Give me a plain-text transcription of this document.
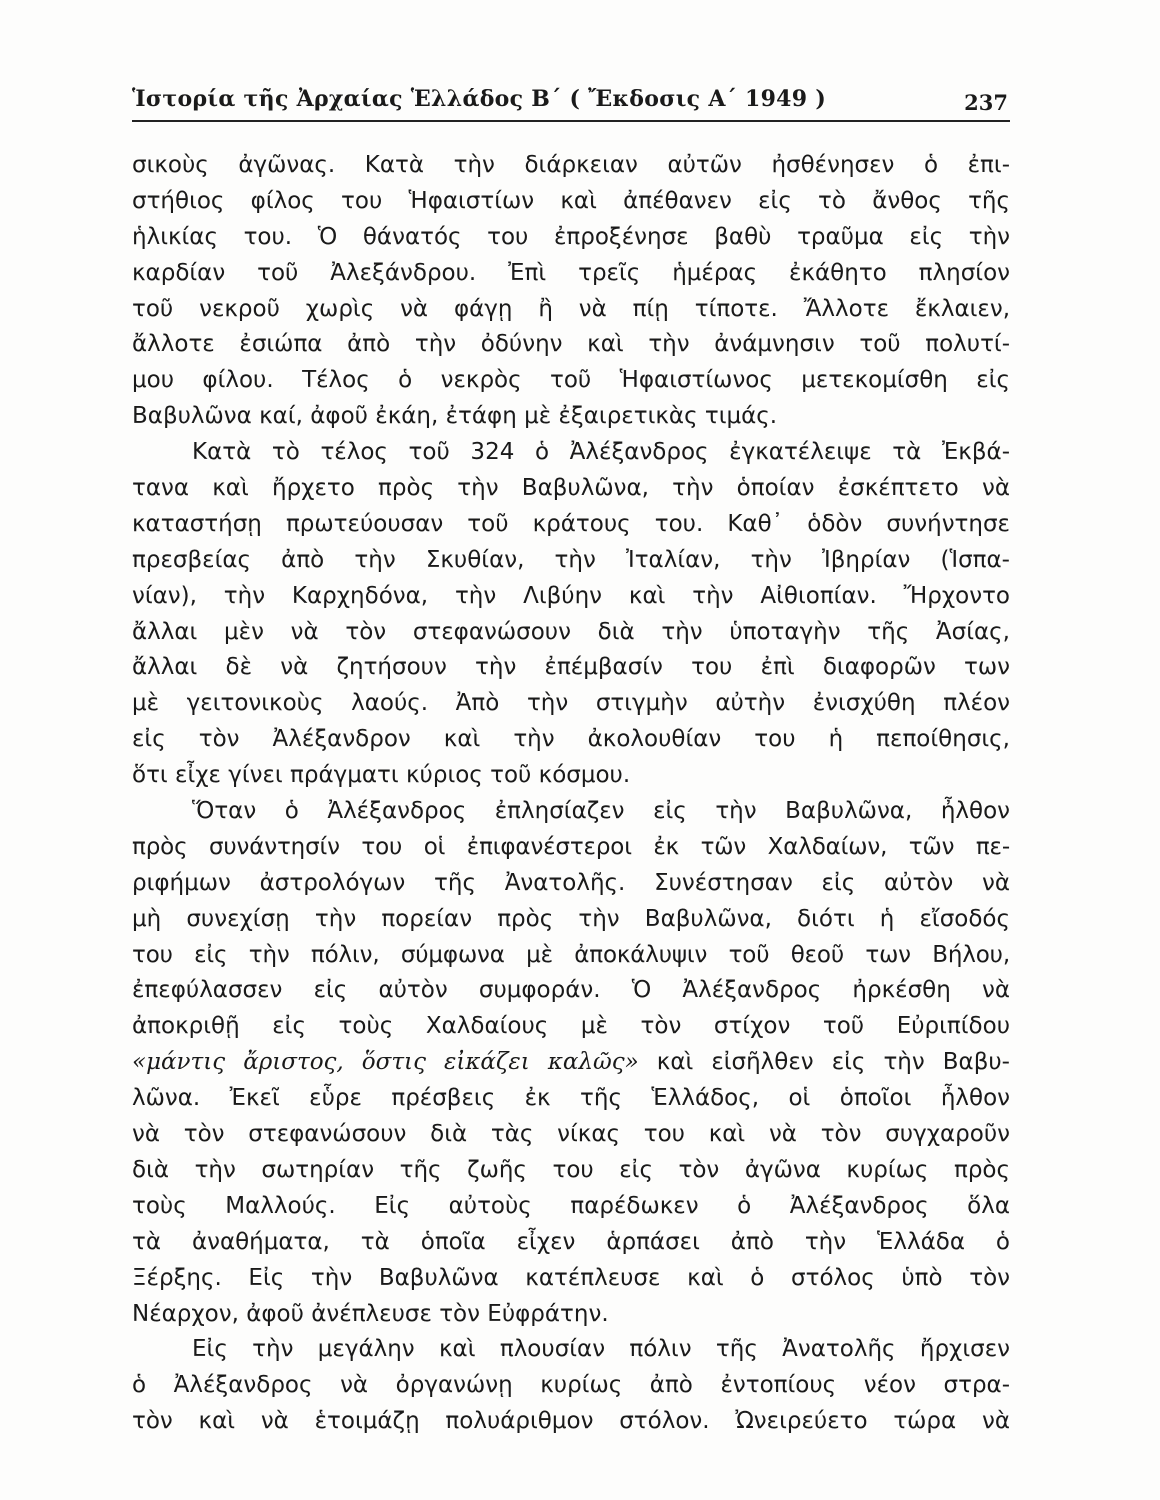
Ἱστορία τῆς Ἀρχαίας Ἑλλάδος Β΄ ( Ἔκδοσις Α΄ 1949 )	237
σικοὺς ἀγῶνας. Κατὰ τὴν διάρκειαν αὐτῶν ἠσθένησεν ὁ ἐπι-
στήθιος φίλος του Ἡφαιστίων καὶ ἀπέθανεν εἰς τὸ ἄνθος τῆς
ἡλικίας του. Ὁ θάνατός του ἐπροξένησε βαθὺ τραῦμα εἰς τὴν
καρδίαν τοῦ Ἀλεξάνδρου. Ἐπὶ τρεῖς ἡμέρας ἐκάθητο πλησίον
τοῦ νεκροῦ χωρὶς νὰ φάγῃ ἢ νὰ πίῃ τίποτε. Ἄλλοτε ἔκλαιεν,
ἄλλοτε ἐσιώπα ἀπὸ τὴν ὀδύνην καὶ τὴν ἀνάμνησιν τοῦ πολυτί-
μου φίλου. Τέλος ὁ νεκρὸς τοῦ Ἡφαιστίωνος μετεκομίσθη εἰς
Βαβυλῶνα καί, ἀφοῦ ἐκάη, ἐτάφη μὲ ἐξαιρετικὰς τιμάς.
Κατὰ τὸ τέλος τοῦ 324 ὁ Ἀλέξανδρος ἐγκατέλειψε τὰ Ἐκβά-
τανα καὶ ἤρχετο πρὸς τὴν Βαβυλῶνα, τὴν ὁποίαν ἐσκέπτετο νὰ
καταστήσῃ πρωτεύουσαν τοῦ κράτους του. Καθ᾽ ὁδὸν συνήντησε
πρεσβείας ἀπὸ τὴν Σκυθίαν, τὴν Ἰταλίαν, τὴν Ἰβηρίαν (Ἱσπα-
νίαν), τὴν Καρχηδόνα, τὴν Λιβύην καὶ τὴν Αἰθιοπίαν. Ἤρχοντο
ἄλλαι μὲν νὰ τὸν στεφανώσουν διὰ τὴν ὑποταγὴν τῆς Ἀσίας,
ἄλλαι δὲ νὰ ζητήσουν τὴν ἐπέμβασίν του ἐπὶ διαφορῶν των
μὲ γειτονικοὺς λαούς. Ἀπὸ τὴν στιγμὴν αὐτὴν ἐνισχύθη πλέον
εἰς τὸν Ἀλέξανδρον καὶ τὴν ἀκολουθίαν του ἡ πεποίθησις,
ὅτι εἶχε γίνει πράγματι κύριος τοῦ κόσμου.
Ὅταν ὁ Ἀλέξανδρος ἐπλησίαζεν εἰς τὴν Βαβυλῶνα, ἦλθον
πρὸς συνάντησίν του οἱ ἐπιφανέστεροι ἐκ τῶν Χαλδαίων, τῶν πε-
ριφήμων ἀστρολόγων τῆς Ἀνατολῆς. Συνέστησαν εἰς αὐτὸν νὰ
μὴ συνεχίσῃ τὴν πορείαν πρὸς τὴν Βαβυλῶνα, διότι ἡ εἴσοδός
του εἰς τὴν πόλιν, σύμφωνα μὲ ἀποκάλυψιν τοῦ θεοῦ των Βήλου,
ἐπεφύλασσεν εἰς αὐτὸν συμφοράν. Ὁ Ἀλέξανδρος ἠρκέσθη νὰ
ἀποκριθῇ εἰς τοὺς Χαλδαίους μὲ τὸν στίχον τοῦ Εὐριπίδου
«μάντις ἄριστος, ὅστις εἰκάζει καλῶς» καὶ εἰσῆλθεν εἰς τὴν Βαβυ-
λῶνα. Ἐκεῖ εὗρε πρέσβεις ἐκ τῆς Ἑλλάδος, οἱ ὁποῖοι ἦλθον
νὰ τὸν στεφανώσουν διὰ τὰς νίκας του καὶ νὰ τὸν συγχαροῦν
διὰ τὴν σωτηρίαν τῆς ζωῆς του εἰς τὸν ἀγῶνα κυρίως πρὸς
τοὺς Μαλλούς. Εἰς αὐτοὺς παρέδωκεν ὁ Ἀλέξανδρος ὅλα
τὰ ἀναθήματα, τὰ ὁποῖα εἶχεν ἁρπάσει ἀπὸ τὴν Ἑλλάδα ὁ
Ξέρξης. Εἰς τὴν Βαβυλῶνα κατέπλευσε καὶ ὁ στόλος ὑπὸ τὸν
Νέαρχον, ἀφοῦ ἀνέπλευσε τὸν Εὐφράτην.
Εἰς τὴν μεγάλην καὶ πλουσίαν πόλιν τῆς Ἀνατολῆς ἤρχισεν
ὁ Ἀλέξανδρος νὰ ὀργανώνῃ κυρίως ἀπὸ ἐντοπίους νέον στρα-
τὸν καὶ νὰ ἑτοιμάζῃ πολυάριθμον στόλον. Ὠνειρεύετο τώρα νὰ
